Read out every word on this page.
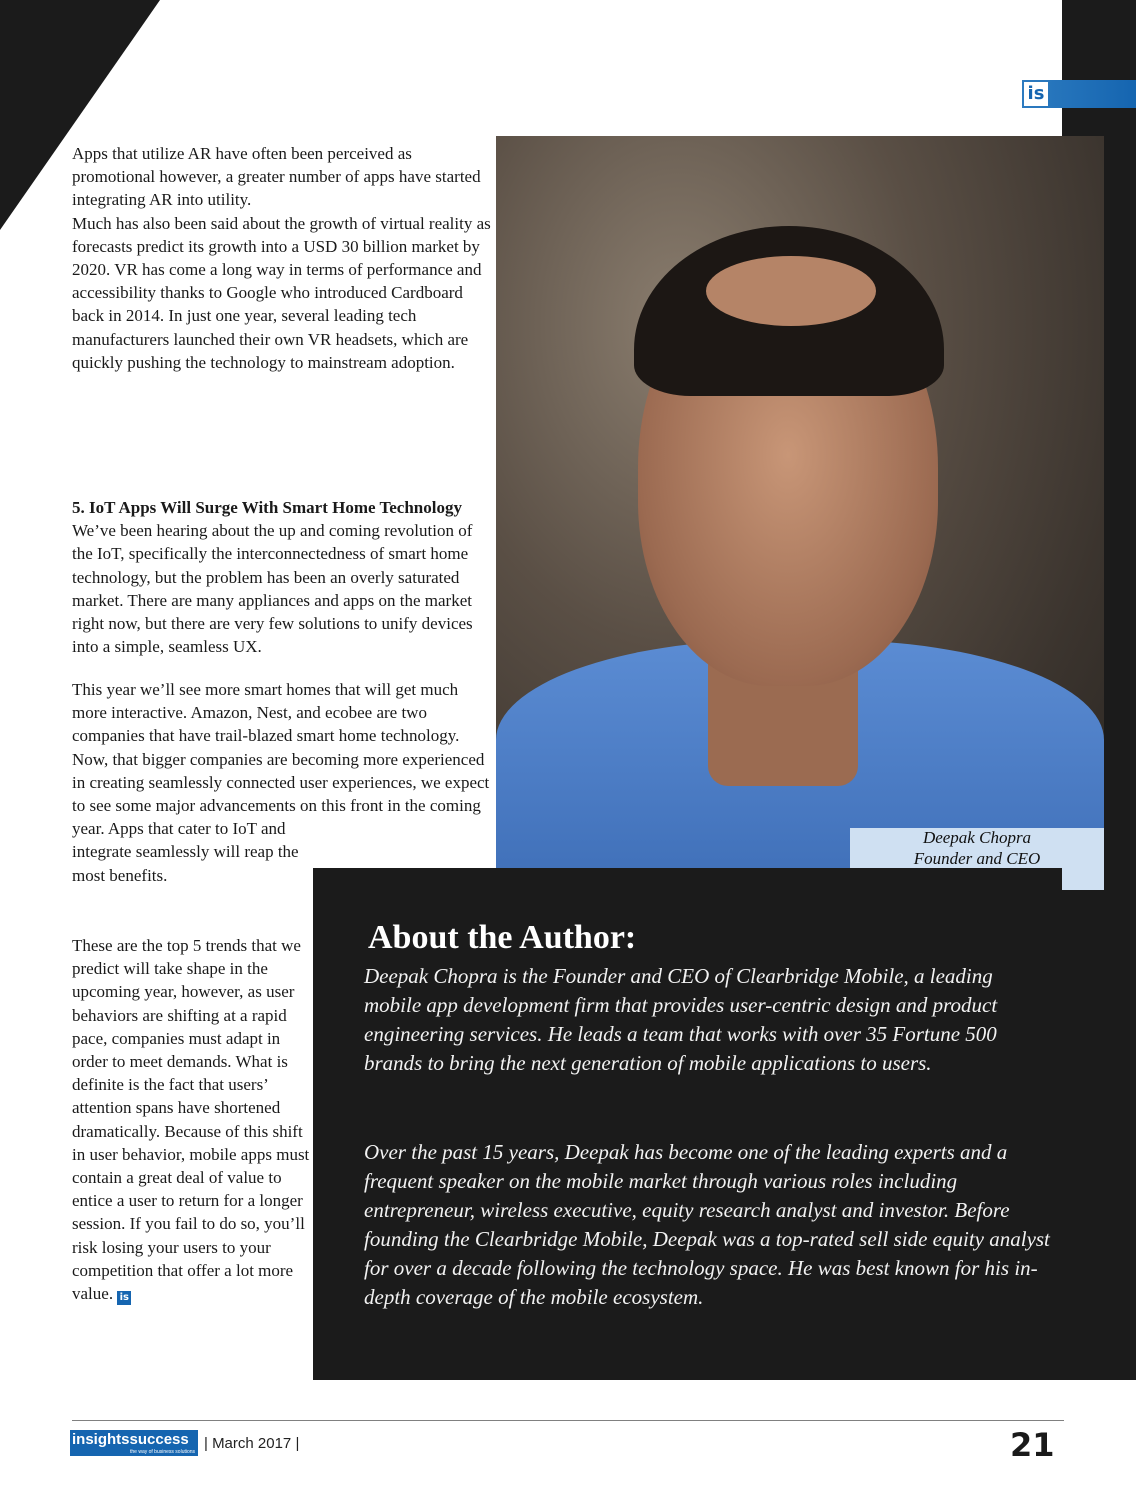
is

Apps that utilize AR have often been perceived as promotional however, a greater number of apps have started integrating AR into utility.

Much has also been said about the growth of virtual reality as forecasts predict its growth into a USD 30 billion market by 2020. VR has come a long way in terms of performance and accessibility thanks to Google who introduced Cardboard back in 2014. In just one year, several leading tech manufacturers launched their own VR headsets, which are quickly pushing the technology to mainstream adoption.

5. IoT Apps Will Surge With Smart Home Technology

We’ve been hearing about the up and coming revolution of the IoT, specifically the interconnectedness of smart home technology, but the problem has been an overly saturated market. There are many appliances and apps on the market right now, but there are very few solutions to unify devices into a simple, seamless UX.

This year we’ll see more smart homes that will get much more interactive. Amazon, Nest, and ecobee are two companies that have trail-blazed smart home technology. Now, that bigger companies are becoming more experienced in creating seamlessly connected user experiences, we expect to see some major advancements on this front in the coming

year. Apps that cater to IoT and integrate seamlessly will reap the most benefits.

These are the top 5 trends that we predict will take shape in the upcoming year, however, as user behaviors are shifting at a rapid pace, companies must adapt in order to meet demands. What is definite is the fact that users’ attention spans have shortened dramatically. Because of this shift in user behavior, mobile apps must contain a great deal of value to entice a user to return for a longer session. If you fail to do so, you’ll risk losing your users to your competition that offer a lot more value. is

Deepak Chopra
Founder and CEO
About the Author:

Deepak Chopra is the Founder and CEO of Clearbridge Mobile, a leading mobile app development firm that provides user-centric design and product engineering services. He leads a team that works with over 35 Fortune 500 brands to bring the next generation of mobile applications to users.

Over the past 15 years, Deepak has become one of the leading experts and a frequent speaker on the mobile market through various roles including entrepreneur, wireless executive, equity research analyst and investor. Before founding the Clearbridge Mobile, Deepak was a top-rated sell side equity analyst for over a decade following the technology space. He was best known for his in-depth coverage of the mobile ecosystem.

insightssuccess
the way of business solutions | March 2017 |	21
